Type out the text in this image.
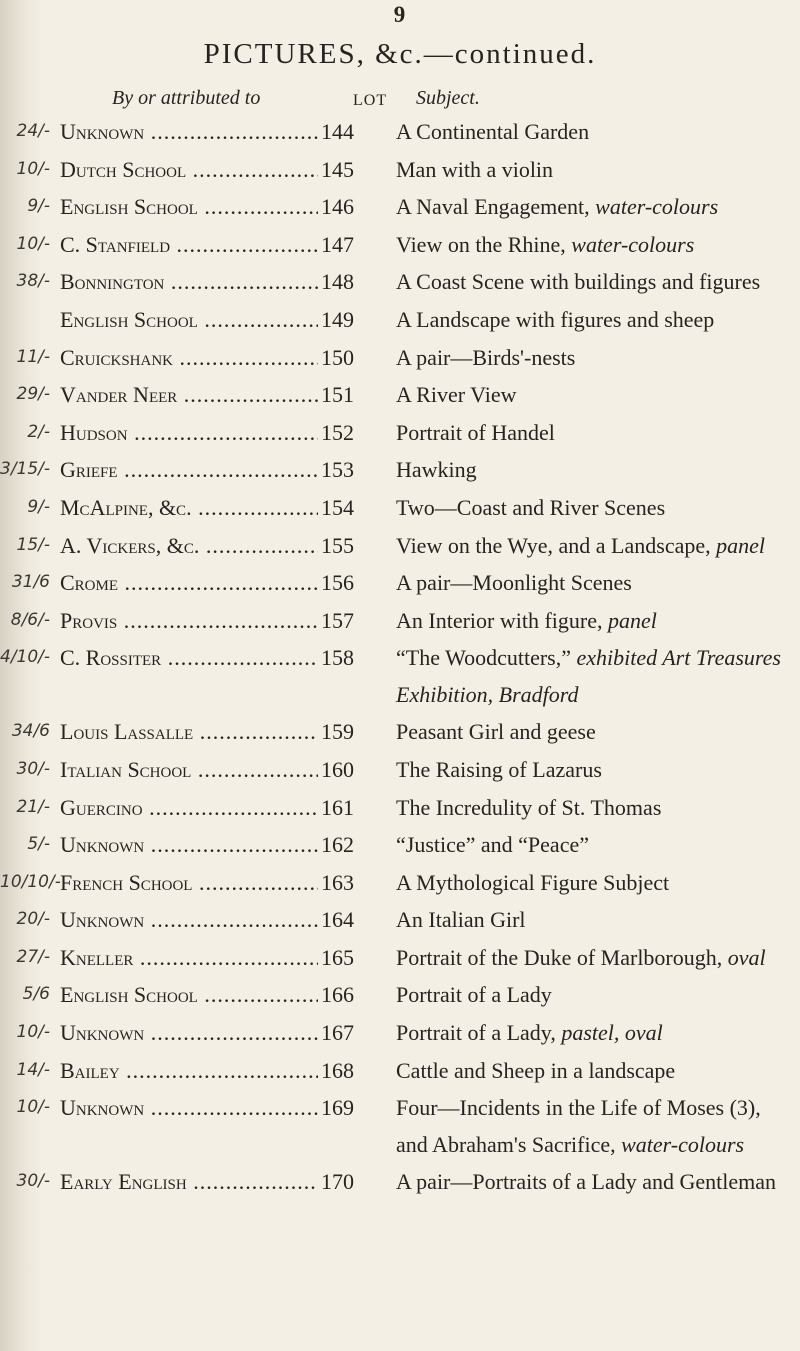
9
PICTURES, &c.—continued.
By or attributed to	LOT Subject.
24/- Unknown .....	144	A Continental Garden
10/- Dutch School .....	145	Man with a violin
9/- English School .....	146	A Naval Engagement, water-colours
10/- C. Stanfield .....	147	View on the Rhine, water-colours
38/- Bonnington .....	148	A Coast Scene with buildings and figures
English School .....	149	A Landscape with figures and sheep
11/- Cruickshank .....	150	A pair—Birds'-nests
29/- Vander Neer .....	151	A River View
2/- Hudson .....	152	Portrait of Handel
3/15/- Griefe .....	153	Hawking
9/- McAlpine, &c. .....	154	Two—Coast and River Scenes
15/- A. Vickers, &c. .....	155	View on the Wye, and a Landscape, panel
31/6 Crome .....	156	A pair—Moonlight Scenes
8/6/- Provis .....	157	An Interior with figure, panel
4/10/- C. Rossiter .....	158	“The Woodcutters,” exhibited Art Treasures Exhibition, Bradford
34/6 Louis Lassalle .....	159	Peasant Girl and geese
30/- Italian School .....	160	The Raising of Lazarus
21/- Guercino .....	161	The Incredulity of St. Thomas
5/- Unknown .....	162	“Justice” and “Peace”
10/10/- French School .....	163	A Mythological Figure Subject
20/- Unknown .....	164	An Italian Girl
27/- Kneller .....	165	Portrait of the Duke of Marlborough, oval
5/6 English School .....	166	Portrait of a Lady
10/- Unknown .....	167	Portrait of a Lady, pastel, oval
14/- Bailey .....	168	Cattle and Sheep in a landscape
10/- Unknown .....	169	Four—Incidents in the Life of Moses (3), and Abraham's Sacrifice, water-colours
30/- Early English .....	170	A pair—Portraits of a Lady and Gentleman
